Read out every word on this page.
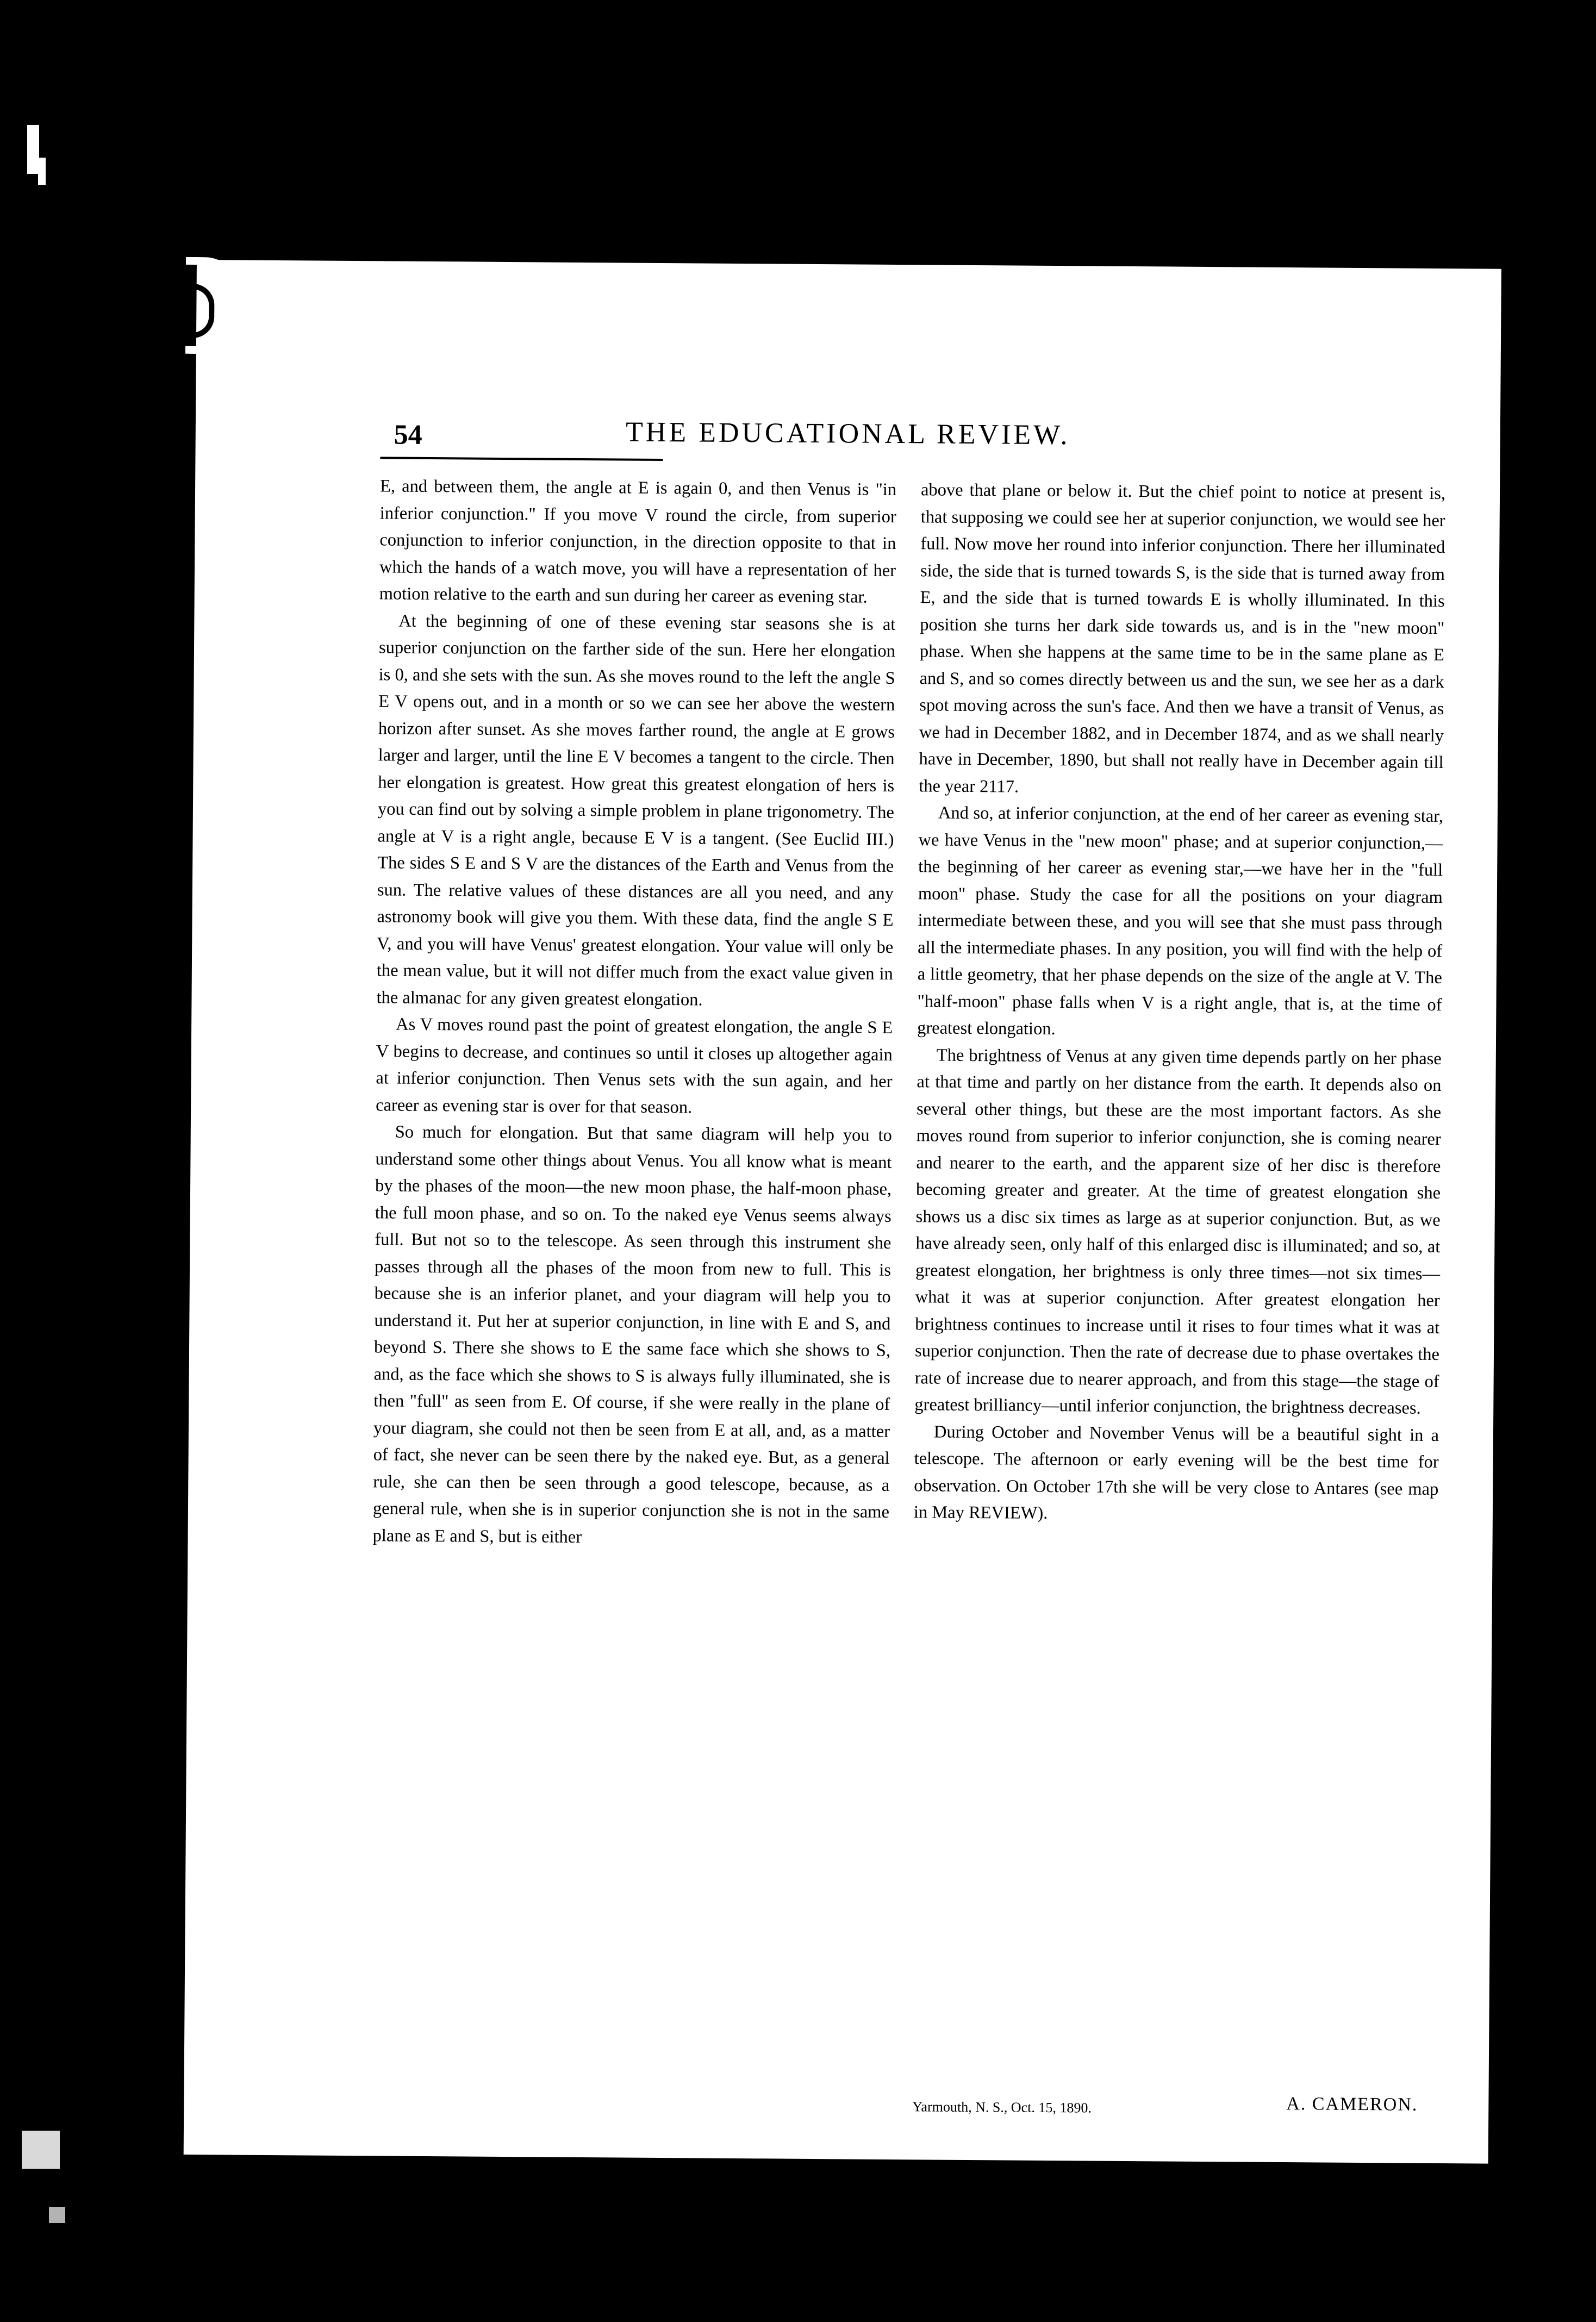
54	THE EDUCATIONAL REVIEW.

E, and between them, the angle at E is again 0, and then Venus is "in inferior conjunction." If you move V round the circle, from superior conjunction to inferior conjunction, in the direction opposite to that in which the hands of a watch move, you will have a representation of her motion relative to the earth and sun during her career as evening star.

At the beginning of one of these evening star seasons she is at superior conjunction on the farther side of the sun. Here her elongation is 0, and she sets with the sun. As she moves round to the left the angle S E V opens out, and in a month or so we can see her above the western horizon after sunset. As she moves farther round, the angle at E grows larger and larger, until the line E V becomes a tangent to the circle. Then her elongation is greatest. How great this greatest elongation of hers is you can find out by solving a simple problem in plane trigonometry. The angle at V is a right angle, because E V is a tangent. (See Euclid III.) The sides S E and S V are the distances of the Earth and Venus from the sun. The relative values of these distances are all you need, and any astronomy book will give you them. With these data, find the angle S E V, and you will have Venus' greatest elongation. Your value will only be the mean value, but it will not differ much from the exact value given in the almanac for any given greatest elongation.

As V moves round past the point of greatest elongation, the angle S E V begins to decrease, and continues so until it closes up altogether again at inferior conjunction. Then Venus sets with the sun again, and her career as evening star is over for that season.

So much for elongation. But that same diagram will help you to understand some other things about Venus. You all know what is meant by the phases of the moon—the new moon phase, the half-moon phase, the full moon phase, and so on. To the naked eye Venus seems always full. But not so to the telescope. As seen through this instrument she passes through all the phases of the moon from new to full. This is because she is an inferior planet, and your diagram will help you to understand it. Put her at superior conjunction, in line with E and S, and beyond S. There she shows to E the same face which she shows to S, and, as the face which she shows to S is always fully illuminated, she is then "full" as seen from E. Of course, if she were really in the plane of your diagram, she could not then be seen from E at all, and, as a matter of fact, she never can be seen there by the naked eye. But, as a general rule, she can then be seen through a good telescope, because, as a general rule, when she is in superior conjunction she is not in the same plane as E and S, but is either

above that plane or below it. But the chief point to notice at present is, that supposing we could see her at superior conjunction, we would see her full. Now move her round into inferior conjunction. There her illuminated side, the side that is turned towards S, is the side that is turned away from E, and the side that is turned towards E is wholly illuminated. In this position she turns her dark side towards us, and is in the "new moon" phase. When she happens at the same time to be in the same plane as E and S, and so comes directly between us and the sun, we see her as a dark spot moving across the sun's face. And then we have a transit of Venus, as we had in December 1882, and in December 1874, and as we shall nearly have in December, 1890, but shall not really have in December again till the year 2117.

And so, at inferior conjunction, at the end of her career as evening star, we have Venus in the "new moon" phase; and at superior conjunction,—the beginning of her career as evening star,—we have her in the "full moon" phase. Study the case for all the positions on your diagram intermediate between these, and you will see that she must pass through all the intermediate phases. In any position, you will find with the help of a little geometry, that her phase depends on the size of the angle at V. The "half-moon" phase falls when V is a right angle, that is, at the time of greatest elongation.

The brightness of Venus at any given time depends partly on her phase at that time and partly on her distance from the earth. It depends also on several other things, but these are the most important factors. As she moves round from superior to inferior conjunction, she is coming nearer and nearer to the earth, and the apparent size of her disc is therefore becoming greater and greater. At the time of greatest elongation she shows us a disc six times as large as at superior conjunction. But, as we have already seen, only half of this enlarged disc is illuminated; and so, at greatest elongation, her brightness is only three times—not six times—what it was at superior conjunction. After greatest elongation her brightness continues to increase until it rises to four times what it was at superior conjunction. Then the rate of decrease due to phase overtakes the rate of increase due to nearer approach, and from this stage—the stage of greatest brilliancy—until inferior conjunction, the brightness decreases.

During October and November Venus will be a beautiful sight in a telescope. The afternoon or early evening will be the best time for observation. On October 17th she will be very close to Antares (see map in May REVIEW).

Yarmouth, N. S., Oct. 15, 1890.	A. CAMERON.
